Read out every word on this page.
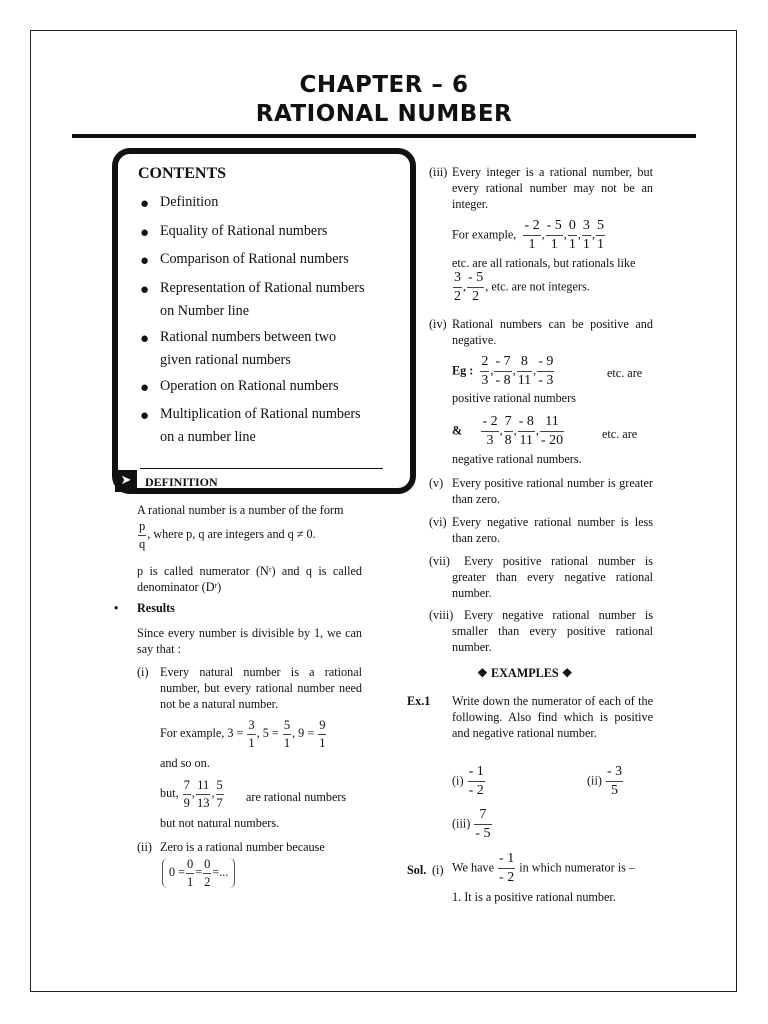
CHAPTER – 6
RATIONAL NUMBER
CONTENTS
● Definition
● Equality of Rational numbers
● Comparison of Rational numbers
● Representation of Rational numbers on Number line
● Rational numbers between two given rational numbers
● Operation on Rational numbers
● Multiplication of Rational numbers on a number line
➤	DEFINITION
A rational number is a number of the form
$\frac{p}{q}$ , where p, q are integers and q ≠ 0.
p is called numerator (Nʳ) and q is called denominator (Dʳ)
• Results
Since every number is divisible by 1, we can say that :
(i) Every natural number is a rational number, but every rational number need not be a natural number.
For example, $3 = \frac{3}{1}$ , $5 = \frac{5}{1}$ , $9 = \frac{9}{1}$
and so on.
but, $\frac{7}{9}$ , $\frac{11}{13}$ , $\frac{5}{7}$ are rational numbers
but not natural numbers.
(ii) Zero is a rational number because
$0 = \frac{0}{1} = \frac{0}{2}$ =...
(iii) Every integer is a rational number, but every rational number may not be an integer.
For example, $\frac{- 2}{1}$ , $\frac{- 5}{1}$ , $\frac{0}{1}$ , $\frac{3}{1}$ , $\frac{5}{1}$
etc. are all rationals, but rationals like
$\frac{3}{2}$ , $\frac{- 5}{2}$ , etc. are not integers.
(iv) Rational numbers can be positive and negative.
Eg : $\frac{2}{3}$ , $\frac{- 7}{- 8}$ , $\frac{8}{11}$ , $\frac{- 9}{- 3}$	etc. are
positive rational numbers
& $\frac{- 2}{3}$ , $\frac{7}{8}$ , $\frac{- 8}{11}$ , $\frac{11}{- 20}$	etc. are
negative rational numbers.
(v) Every positive rational number is greater than zero.
(vi) Every negative rational number is less than zero.
(vii)	Every positive rational number is greater than every negative rational number.
(viii) Every negative rational number is smaller than every positive rational number.
❖ EXAMPLES ❖
Ex.1 Write down the numerator of each of the following. Also find which is positive and negative rational number.
$(i) \frac{- 1}{- 2}$	$(ii) \frac{- 3}{5}$
$(iii) \frac{7}{- 5}$
Sol. (i) We have $\frac{- 1}{- 2}$ in which numerator is –
1. It is a positive rational number.
